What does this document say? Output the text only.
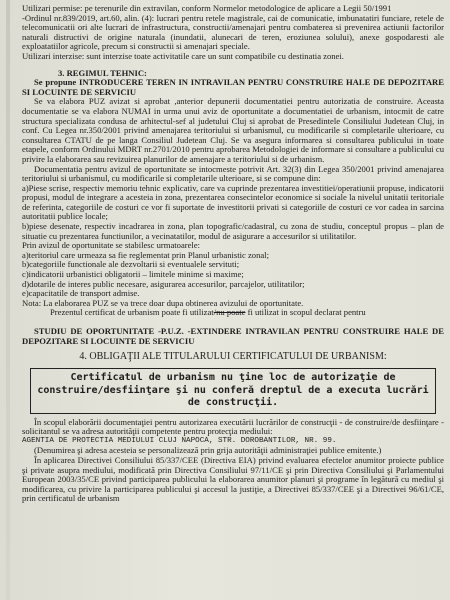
Utilizari permise: pe terenurile din extravilan, conform Normelor metodologice de aplicare a Legii 50/1991

-Ordinul nr.839/2019, art.60, alin. (4): lucrari pentru retele magistrale, cai de comunicatie, imbunatatiri funciare, retele de telecomunicatii ori alte lucrari de infrastructura, constructii/amenajari pentru combaterea si prevenirea actiunii factorilor naturali distructivi de origine naturala (inundatii, alunecari de teren, eroziunea solului), anexe gospodaresti ale exploatatiilor agricole, precum si constructii si amenajari speciale.

Utilizari interzise: sunt interzise toate activitatile care un sunt compatibile cu destinatia zonei.

3. REGIMUL TEHNIC:

Se propune INTRODUCERE TEREN IN INTRAVILAN PENTRU CONSTRUIRE HALE DE DEPOZITARE SI LOCUINTE DE SERVICIU

Se va elabora PUZ avizat si aprobat ,anterior depunerii documentatiei pentru autorizatia de construire. Aceasta documentatie se va elabora NUMAI in urma unui aviz de oportunitate a documentatiei de urbanism, intocmit de catre structura specializata condusa de arhitectul-sef al judetului Cluj si aprobat de Presedintele Consiliului Judetean Cluj, in conf. Cu Legea nr.350/2001 privind amenajarea teritoriului si urbanismul, cu modificarile si completarile ulterioare, cu consultarea CTATU de pe langa Consiliul Judetean Cluj. Se va asegura informarea si consultarea publicului in toate etapele, conform Ordinului MDRT nr.2701/2010 pentru aprobarea Metodologiei de informare si consultare a publicului cu privire la elaborarea sau revizuirea planurilor de amenajare a teritoriului si de urbanism.

Documentatia pentru avizul de oportunitate se intocmeste potrivit Art. 32(3) din Legea 350/2001 privind amenajarea teritoriului si urbanismul, cu modificarile si completarile ulterioare, si se compune din:

a)Piese scrise, respectiv memoriu tehnic explicativ, care va cuprinde prezentarea investitiei/operatiunii propuse, indicatorii propusi, modul de integrare a acesteia in zona, prezentarea consecintelor economice si sociale la nivelul unitatii teritoriale de referinta, categoriile de costuri ce vor fi suportate de investitorii privati si categoriile de costuri ce vor cadea in sarcina autoritatii publice locale;

b)piese desenate, respectiv incadrarea in zona, plan topografic/cadastral, cu zona de studiu, conceptul propus – plan de situatie cu prezentarea functiunilor, a vecinatatilor, modul de asigurare a accesurilor si utilitatilor.

Prin avizul de oportunitate se stabilesc urmatoarele:

a)teritoriul care urmeaza sa fie reglementat prin Planul urbanistic zonal;

b)categoriile functionale ale dezvoltarii si eventualele servituti;

c)indicatorii urbanistici obligatorii – limitele minime si maxime;

d)dotarile de interes public necesare, asigurarea accesurilor, parcajelor, utilitatilor;

e)capacitatile de transport admise.

Nota: La elaborarea PUZ se va trece doar dupa obtinerea avizului de oportunitate.

Prezentul certificat de urbanism poate fi utilizat/nu poate fi utilizat in scopul declarat pentru

STUDIU DE OPORTUNITATE -P.U.Z. -EXTINDERE INTRAVILAN PENTRU CONSTRUIRE HALE DE DEPOZITARE SI LOCUINTE DE SERVICIU

4. OBLIGAŢII ALE TITULARULUI CERTIFICATULUI DE URBANISM:

Certificatul de urbanism nu ţine loc de autorizaţie de construire/desfiinţare şi nu conferă dreptul de a executa lucrări de construcţii.

În scopul elaborării documentaţiei pentru autorizarea executării lucrărilor de construcţii - de construire/de desfiinţare - solicitantul se va adresa autorităţii competente pentru protecţia mediului:

AGENTIA DE PROTECTIA MEDIULUI CLUJ NAPOCA, STR. DOROBANTILOR, NR. 99.

(Denumirea şi adresa acesteia se personalizează prin grija autorităţii administraţiei publice emitente.)

În aplicarea Directivei Consiliului 85/337/CEE (Directiva EIA) privind evaluarea efectelor anumitor proiecte publice şi private asupra mediului, modificată prin Directiva Consiliului 97/11/CE şi prin Directiva Consiliului şi Parlamentului European 2003/35/CE privind participarea publicului la elaborarea anumitor planuri şi programe în legătură cu mediul şi modificarea, cu privire la participarea publicului şi accesul la justiţie, a Directivei 85/337/CEE şi a Directivei 96/61/CE, prin certificatul de urbanism
